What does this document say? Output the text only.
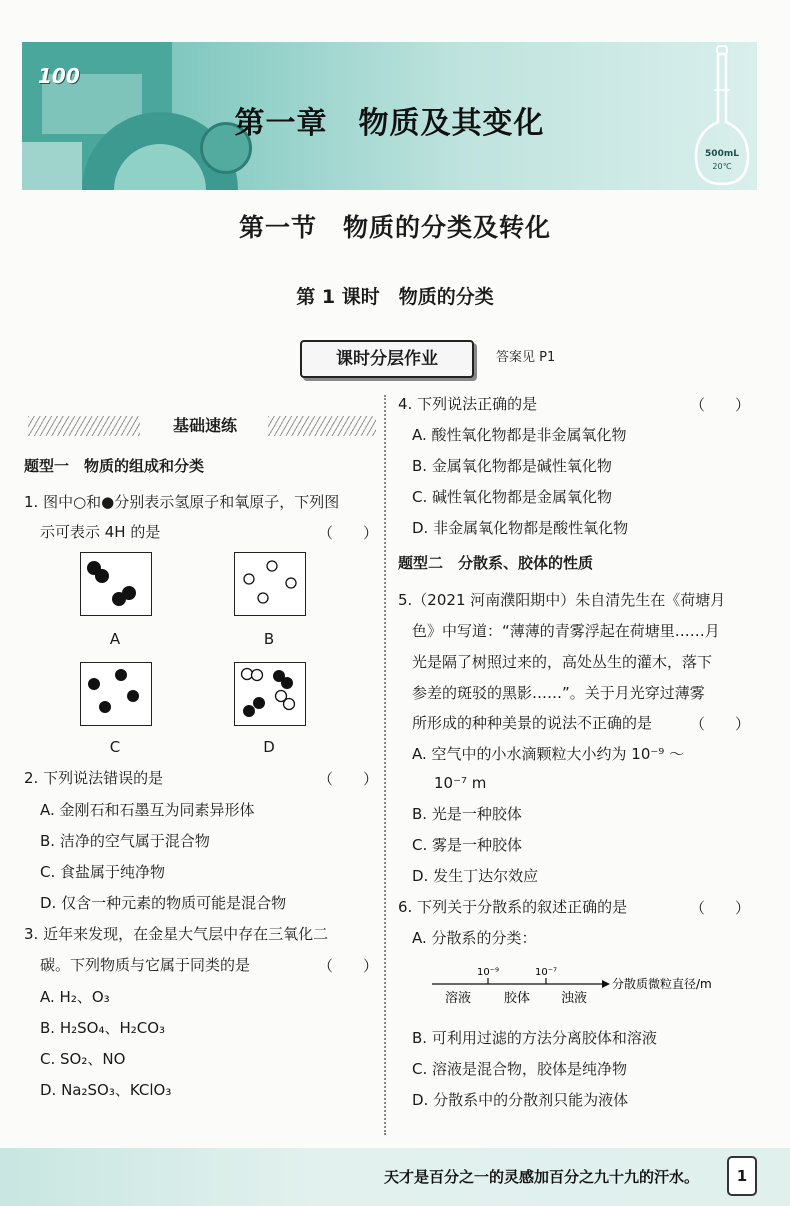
100
第一章　物质及其变化
500mL
20℃
第一节　物质的分类及转化
第 1 课时　物质的分类
课时分层作业	答案见 P1
基础速练
题型一　物质的组成和分类
1. 图中○和●分别表示氢原子和氧原子，下列图
示可表示 4H 的是	（　　）
A	B
C	D
2. 下列说法错误的是	（　　）
A. 金刚石和石墨互为同素异形体
B. 洁净的空气属于混合物
C. 食盐属于纯净物
D. 仅含一种元素的物质可能是混合物
3. 近年来发现，在金星大气层中存在三氧化二
碳。下列物质与它属于同类的是	（　　）
A. H₂、O₃
B. H₂SO₄、H₂CO₃
C. SO₂、NO
D. Na₂SO₃、KClO₃
4. 下列说法正确的是	（　　）
A. 酸性氧化物都是非金属氧化物
B. 金属氧化物都是碱性氧化物
C. 碱性氧化物都是金属氧化物
D. 非金属氧化物都是酸性氧化物
题型二　分散系、胶体的性质
5.（2021 河南濮阳期中）朱自清先生在《荷塘月
色》中写道：“薄薄的青雾浮起在荷塘里……月
光是隔了树照过来的，高处丛生的灌木，落下
参差的斑驳的黑影……”。关于月光穿过薄雾
所形成的种种美景的说法不正确的是	（　　）
A. 空气中的小水滴颗粒大小约为 10⁻⁹ ～
10⁻⁷ m
B. 光是一种胶体
C. 雾是一种胶体
D. 发生丁达尔效应
6. 下列关于分散系的叙述正确的是	（　　）
A. 分散系的分类：
10⁻⁹	10⁻⁷
分散质微粒直径/m
溶液	胶体 浊液
B. 可利用过滤的方法分离胶体和溶液
C. 溶液是混合物，胶体是纯净物
D. 分散系中的分散剂只能为液体
天才是百分之一的灵感加百分之九十九的汗水。	1
